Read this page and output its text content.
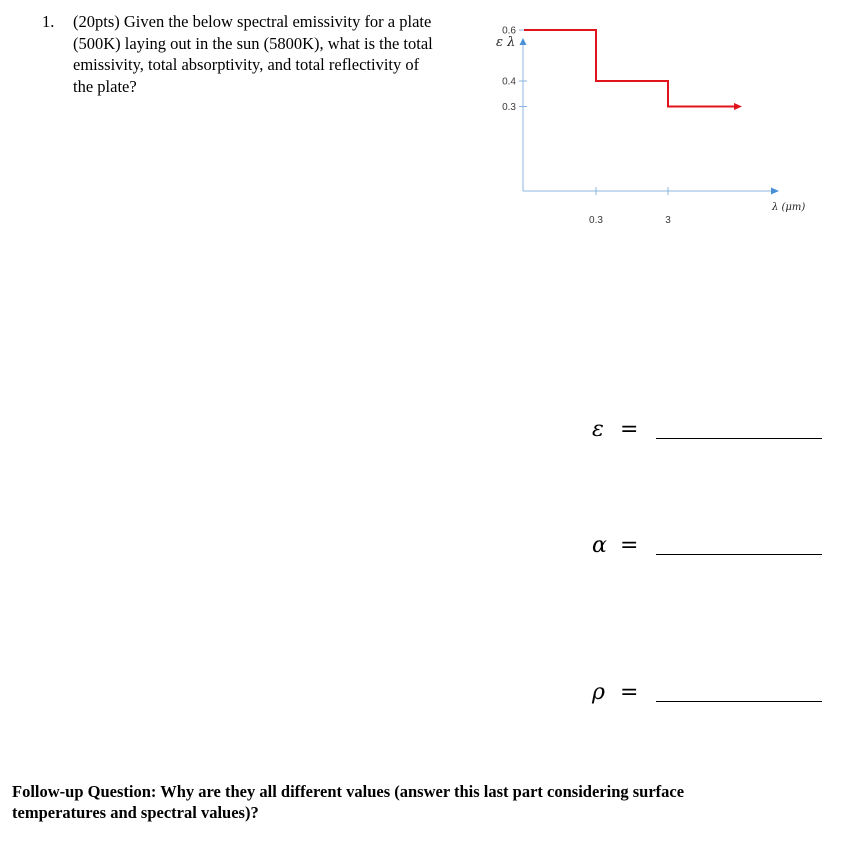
1. (20pts) Given the below spectral emissivity for a plate
(500K) laying out in the sun (5800K), what is the total
emissivity, total absorptivity, and total reflectivity of
the plate?
ε λ
λ (μm)
0.6
0.4
0.3
0.3	3
ε =
α =
ρ =
Follow-up Question: Why are they all different values (answer this last part considering surface
temperatures and spectral values)?
